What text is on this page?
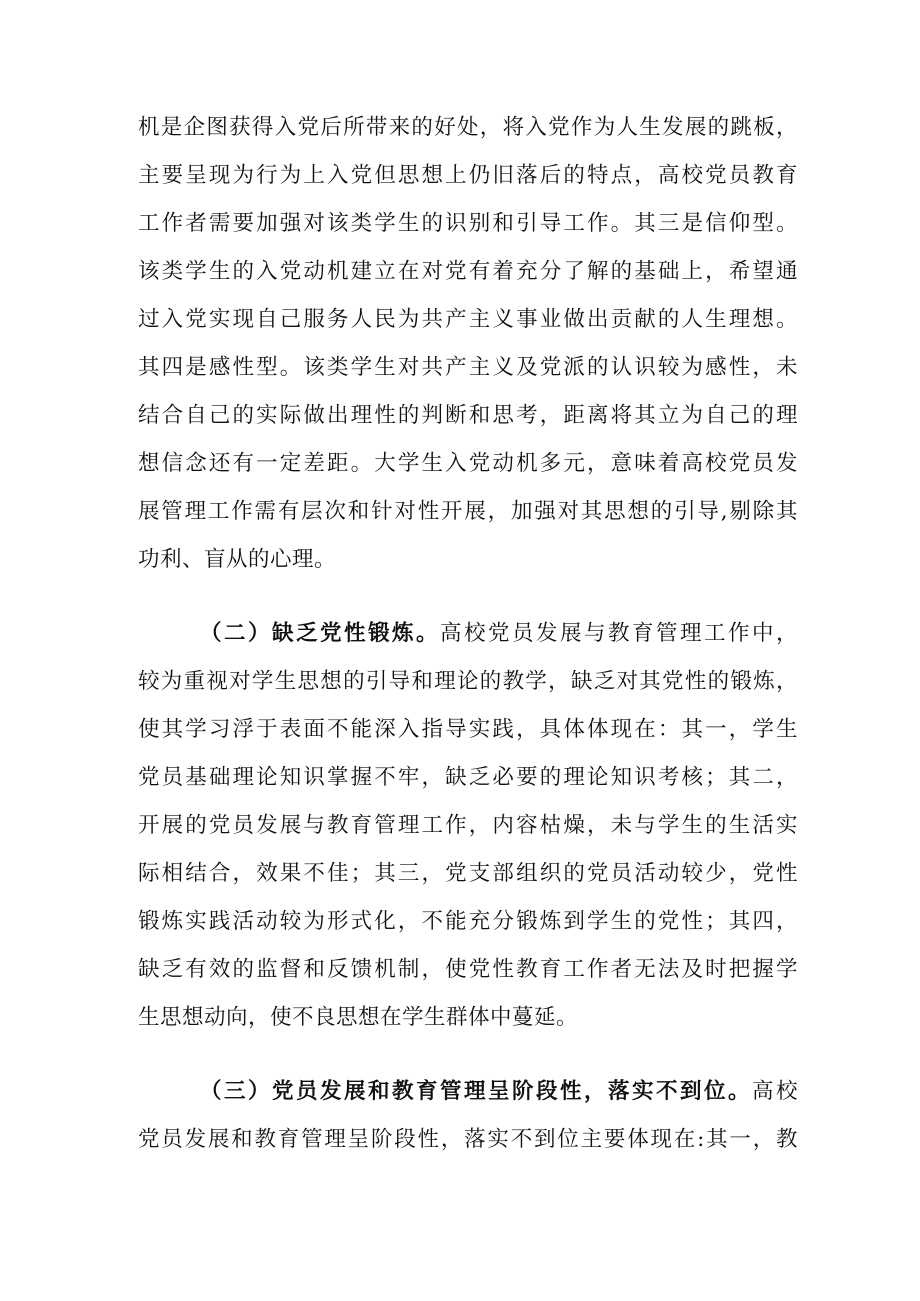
机是企图获得入党后所带来的好处，将入党作为人生发展的跳板，
主要呈现为行为上入党但思想上仍旧落后的特点，高校党员教育
工作者需要加强对该类学生的识别和引导工作。其三是信仰型。
该类学生的入党动机建立在对党有着充分了解的基础上，希望通
过入党实现自己服务人民为共产主义事业做出贡献的人生理想。
其四是感性型。该类学生对共产主义及党派的认识较为感性，未
结合自己的实际做出理性的判断和思考，距离将其立为自己的理
想信念还有一定差距。大学生入党动机多元，意味着高校党员发
展管理工作需有层次和针对性开展，加强对其思想的引导,剔除其
功利、盲从的心理。
（二）缺乏党性锻炼。高校党员发展与教育管理工作中，
较为重视对学生思想的引导和理论的教学，缺乏对其党性的锻炼，
使其学习浮于表面不能深入指导实践，具体体现在：其一，学生
党员基础理论知识掌握不牢，缺乏必要的理论知识考核；其二，
开展的党员发展与教育管理工作，内容枯燥，未与学生的生活实
际相结合，效果不佳；其三，党支部组织的党员活动较少，党性
锻炼实践活动较为形式化，不能充分锻炼到学生的党性；其四，
缺乏有效的监督和反馈机制，使党性教育工作者无法及时把握学
生思想动向，使不良思想在学生群体中蔓延。
（三）党员发展和教育管理呈阶段性，落实不到位。高校
党员发展和教育管理呈阶段性，落实不到位主要体现在:其一，教
